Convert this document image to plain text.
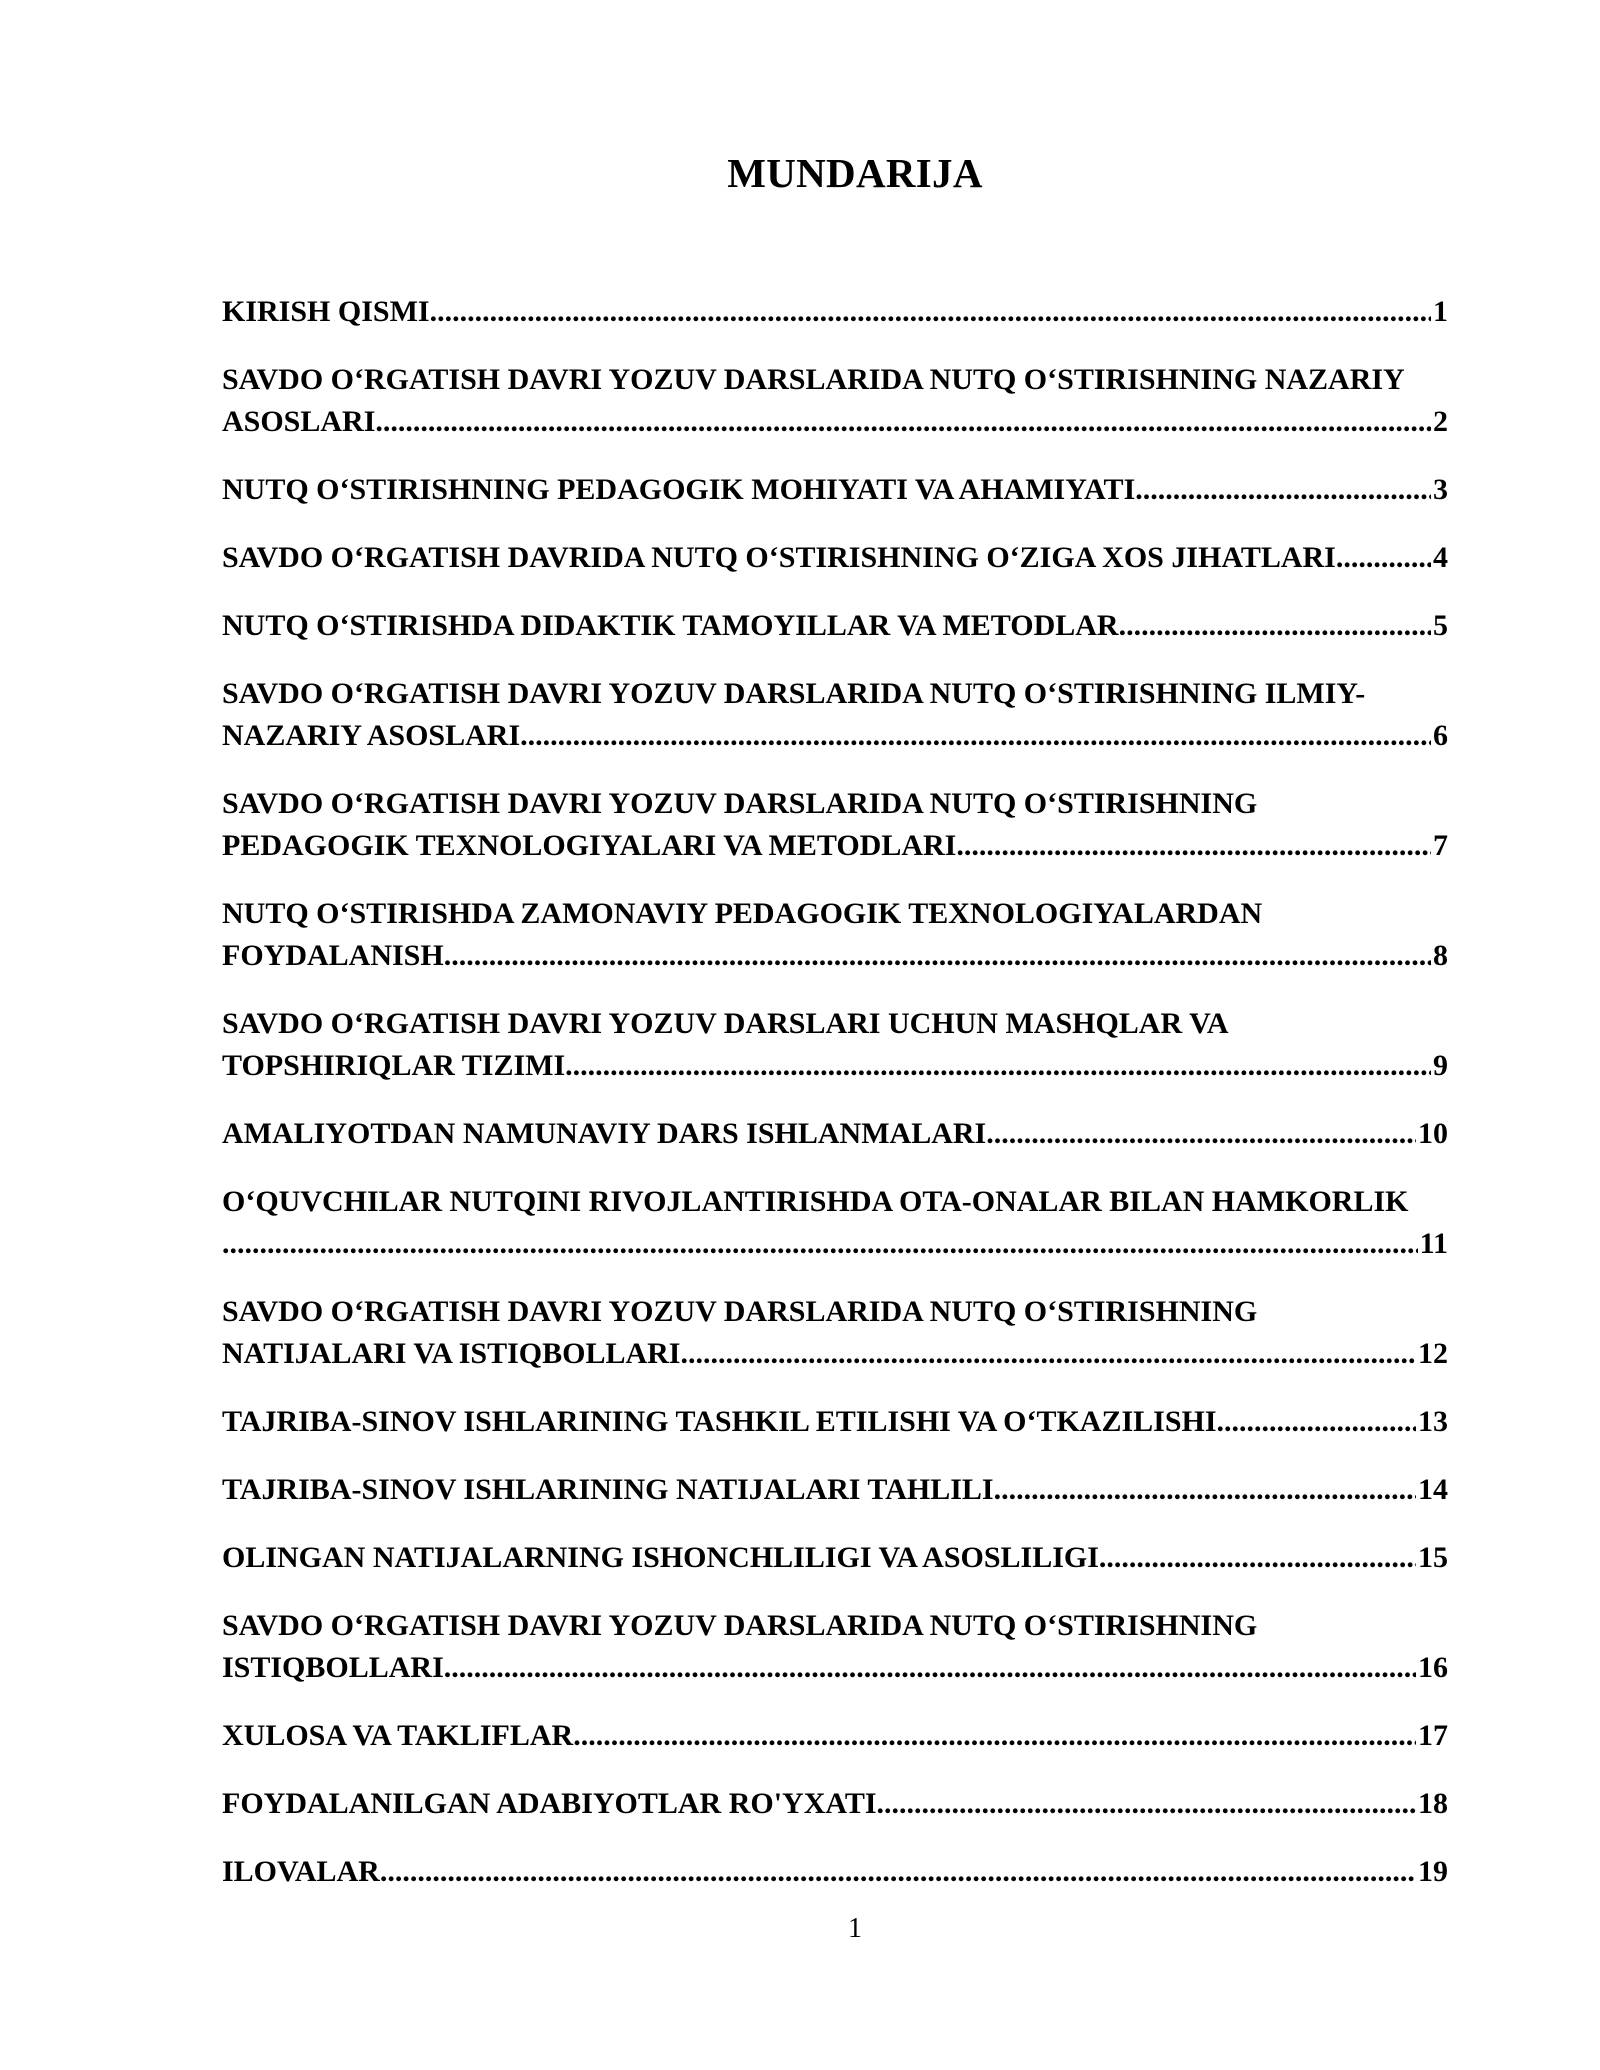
MUNDARIJA
KIRISH QISMI .....	1
SAVDO O‘RGATISH DAVRI YOZUV DARSLARIDA NUTQ O‘STIRISHNING NAZARIY
ASOSLARI .....	2
NUTQ O‘STIRISHNING PEDAGOGIK MOHIYATI VA AHAMIYATI .....	3
SAVDO O‘RGATISH DAVRIDA NUTQ O‘STIRISHNING O‘ZIGA XOS JIHATLARI .....	4
NUTQ O‘STIRISHDA DIDAKTIK TAMOYILLAR VA METODLAR .....	5
SAVDO O‘RGATISH DAVRI YOZUV DARSLARIDA NUTQ O‘STIRISHNING ILMIY-
NAZARIY ASOSLARI .....	6
SAVDO O‘RGATISH DAVRI YOZUV DARSLARIDA NUTQ O‘STIRISHNING
PEDAGOGIK TEXNOLOGIYALARI VA METODLARI .....	7
NUTQ O‘STIRISHDA ZAMONAVIY PEDAGOGIK TEXNOLOGIYALARDAN
FOYDALANISH .....	8
SAVDO O‘RGATISH DAVRI YOZUV DARSLARI UCHUN MASHQLAR VA
TOPSHIRIQLAR TIZIMI .....	9
AMALIYOTDAN NAMUNAVIY DARS ISHLANMALARI .....	10
O‘QUVCHILAR NUTQINI RIVOJLANTIRISHDA OTA-ONALAR BILAN HAMKORLIK
.....
11
SAVDO O‘RGATISH DAVRI YOZUV DARSLARIDA NUTQ O‘STIRISHNING
NATIJALARI VA ISTIQBOLLARI .....	12
TAJRIBA-SINOV ISHLARINING TASHKIL ETILISHI VA O‘TKAZILISHI .....	13
TAJRIBA-SINOV ISHLARINING NATIJALARI TAHLILI .....	14
OLINGAN NATIJALARNING ISHONCHLILIGI VA ASOSLILIGI .....	15
SAVDO O‘RGATISH DAVRI YOZUV DARSLARIDA NUTQ O‘STIRISHNING
ISTIQBOLLARI .....	16
XULOSA VA TAKLIFLAR .....	17
FOYDALANILGAN ADABIYOTLAR RO'YXATI .....	18
ILOVALAR .....	19
1
